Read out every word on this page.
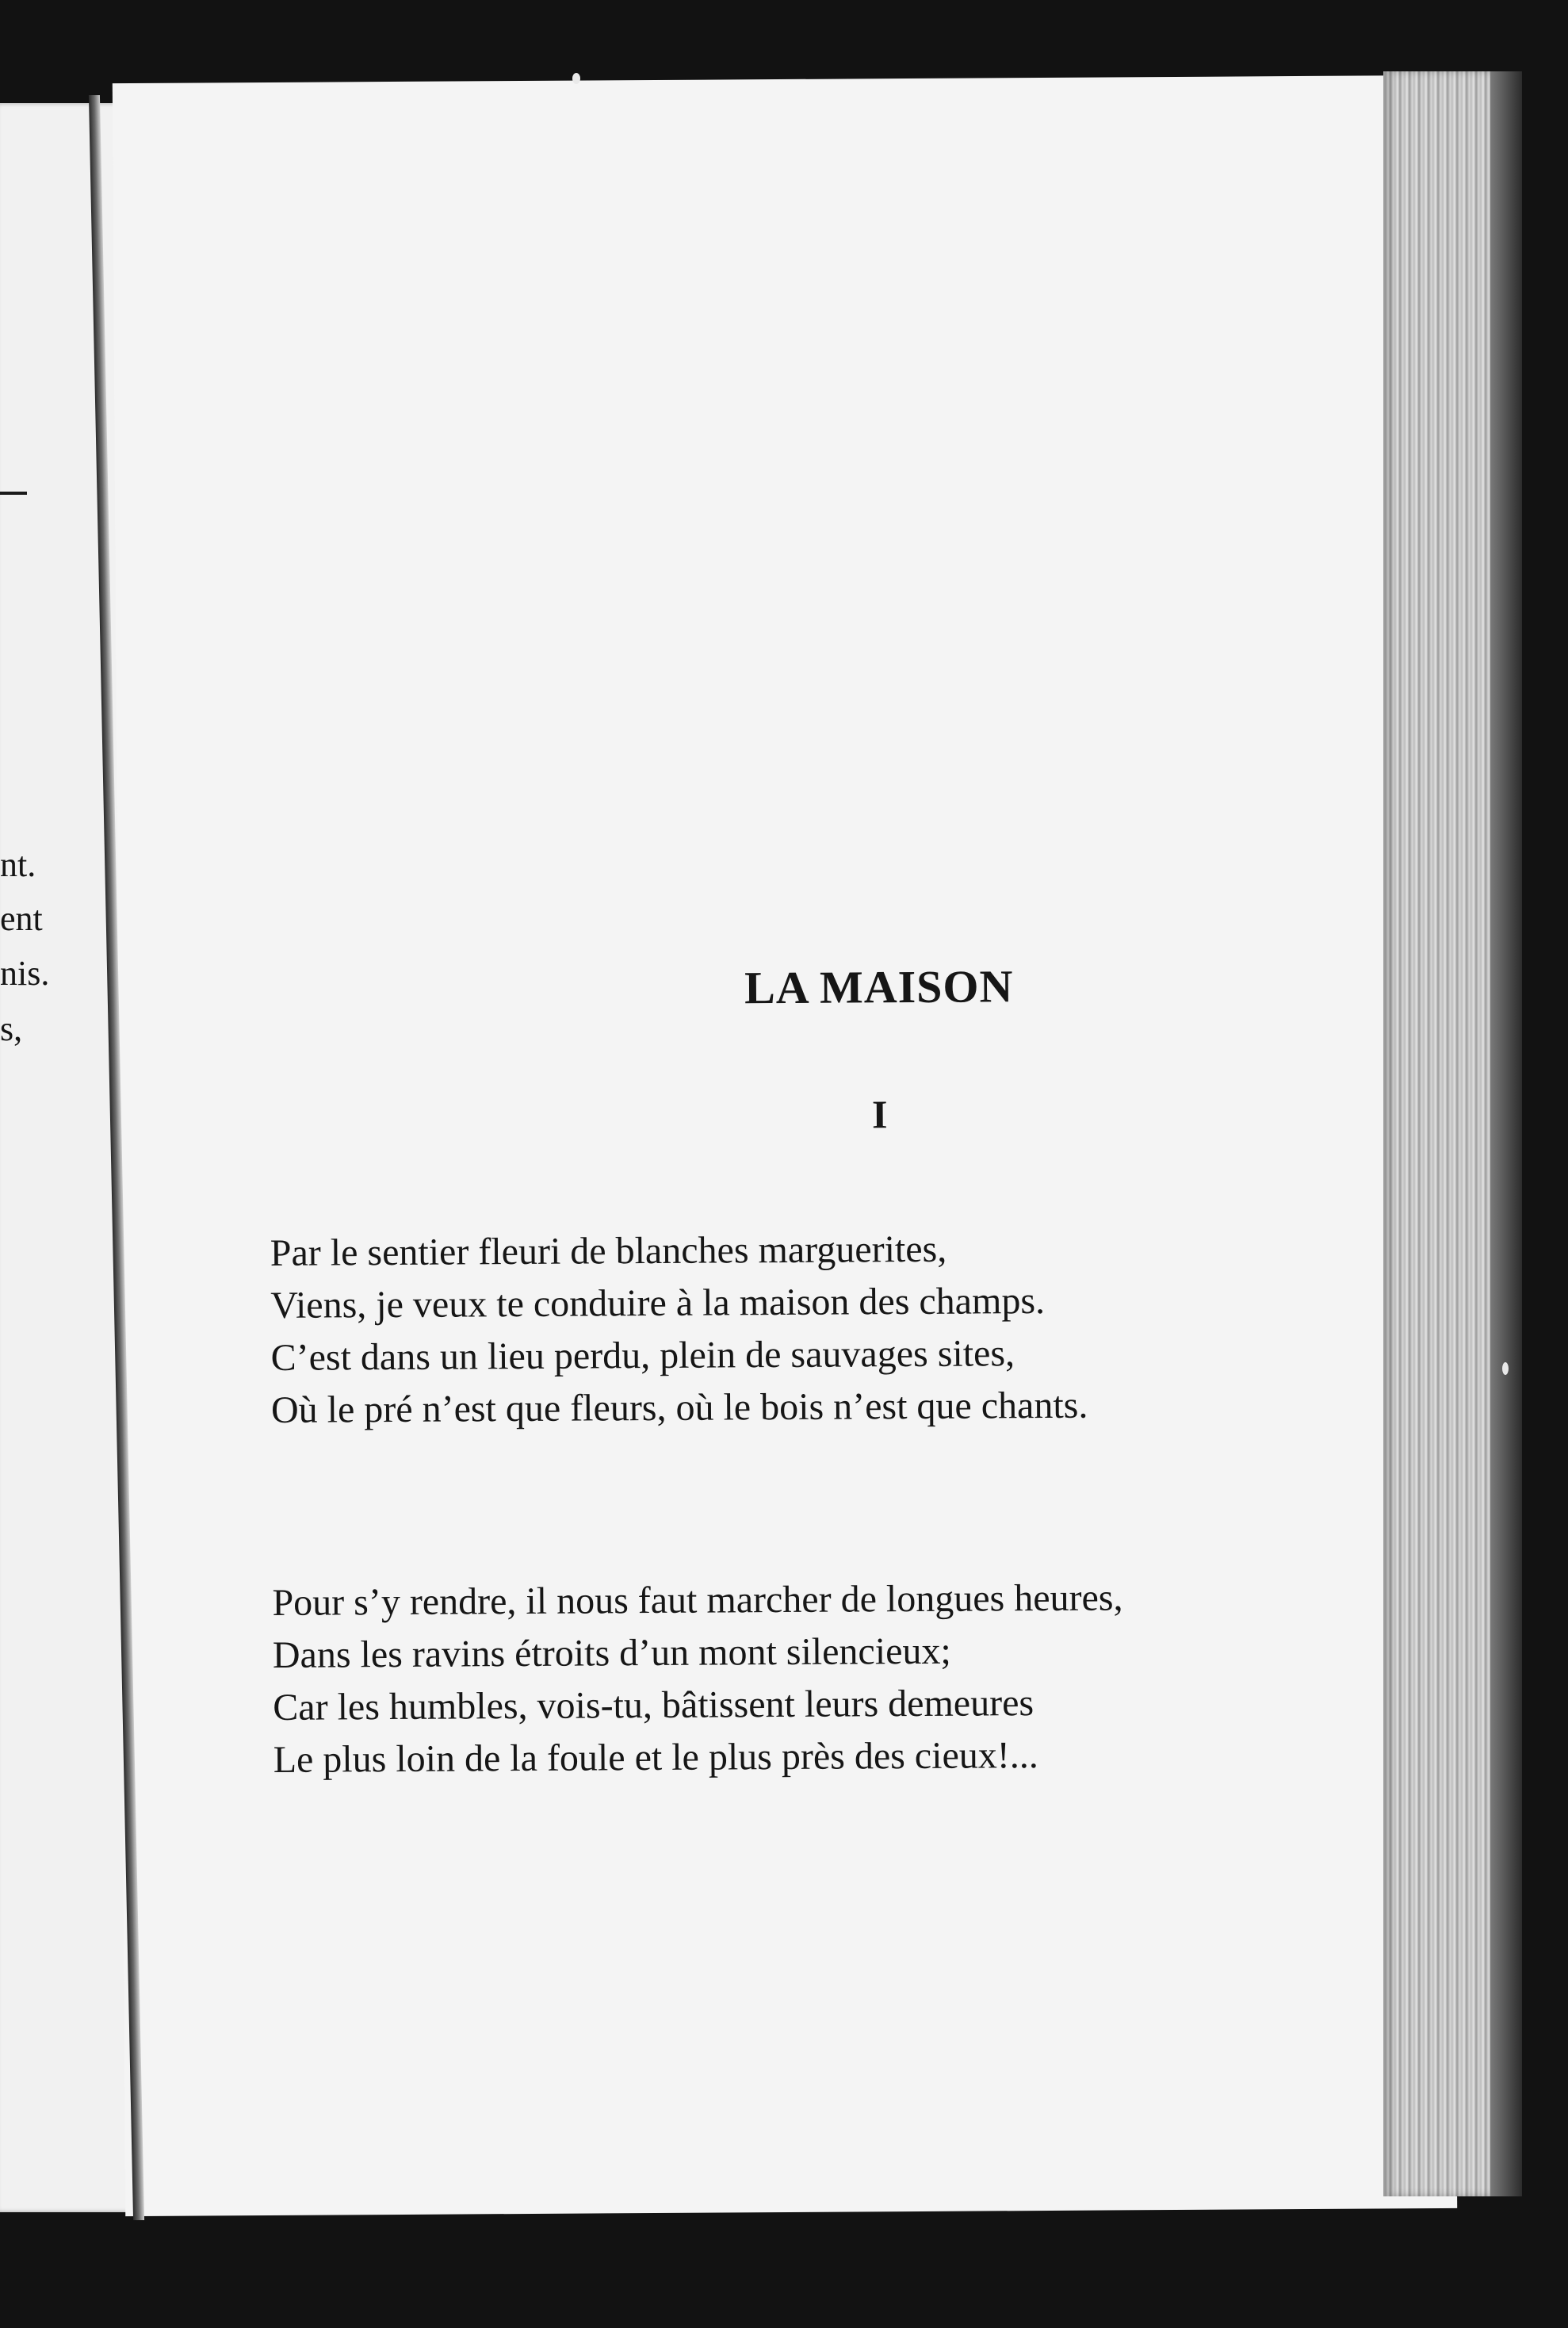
nt.
ent
nis.
s,
LA MAISON
I
Par le sentier fleuri de blanches marguerites,
Viens, je veux te conduire à la maison des champs.
C’est dans un lieu perdu, plein de sauvages sites,
Où le pré n’est que fleurs, où le bois n’est que chants.
Pour s’y rendre, il nous faut marcher de longues heures,
Dans les ravins étroits d’un mont silencieux;
Car les humbles, vois-tu, bâtissent leurs demeures
Le plus loin de la foule et le plus près des cieux!...
